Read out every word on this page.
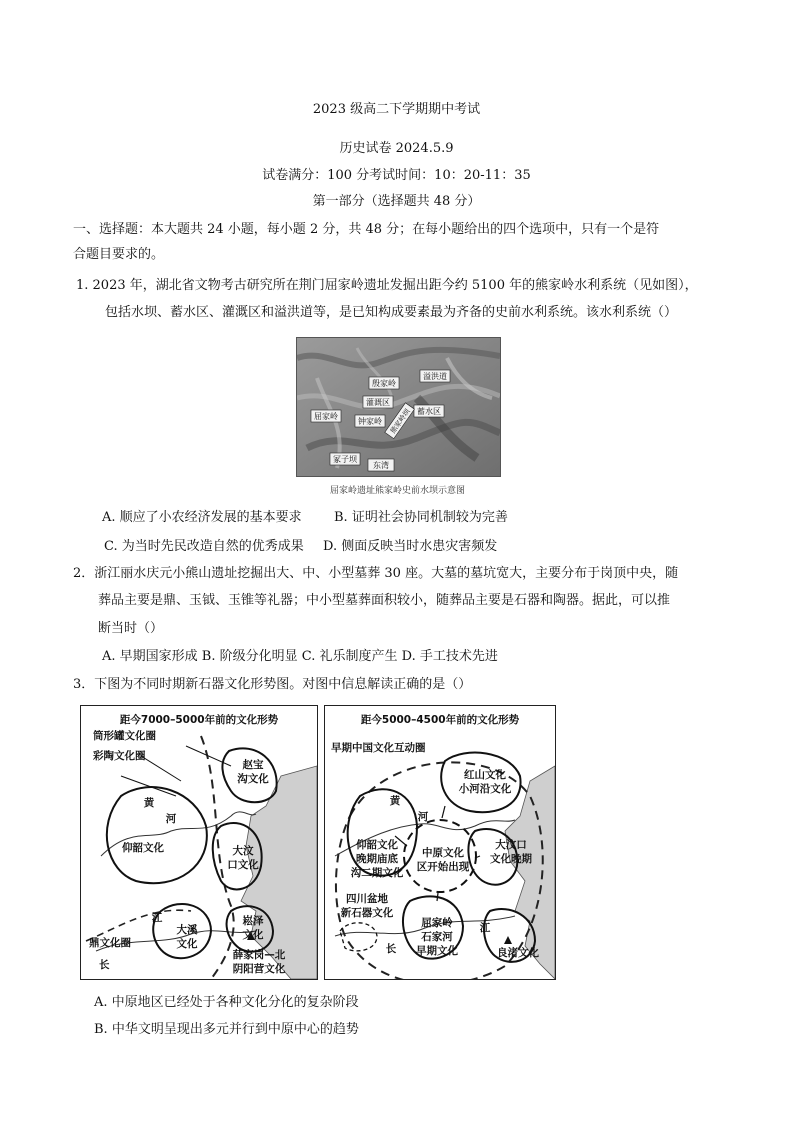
2023 级高二下学期期中考试
历史试卷 2024.5.9
试卷满分：100 分考试时间：10：20-11：35
第一部分（选择题共 48 分）
一、选择题：本大题共 24 小题，每小题 2 分，共 48 分；在每小题给出的四个选项中，只有一个是符
合题目要求的。
1. 2023 年，湖北省文物考古研究所在荆门屈家岭遗址发掘出距今约 5100 年的熊家岭水利系统（见如图），
包括水坝、蓄水区、灌溉区和溢洪道等，是已知构成要素最为齐备的史前水利系统。该水利系统（）
溢洪道
殷家岭
灌溉区
蓄水区
屈家岭
钟家岭 熊家岭坝
冢子坝
东湾
屈家岭遗址熊家岭史前水坝示意图
A. 顺应了小农经济发展的基本要求 B. 证明社会协同机制较为完善
C. 为当时先民改造自然的优秀成果 D. 侧面反映当时水患灾害频发
2．浙江丽水庆元小熊山遗址挖掘出大、中、小型墓葬 30 座。大墓的墓坑宽大，主要分布于岗顶中央，随
葬品主要是鼎、玉钺、玉锥等礼器；中小型墓葬面积较小，随葬品主要是石器和陶器。据此，可以推
断当时（）
A. 早期国家形成 B. 阶级分化明显 C. 礼乐制度产生 D. 手工技术先进
3．下图为不同时期新石器文化形势图。对图中信息解读正确的是（）
距今7000–5000年前的文化形势
筒形罐文化圈
彩陶文化圈
赵宝
沟文化
黄
河
仰韶文化	大汶
口文化
江
大溪
文化
崧泽
文化
鼎文化圈
长
薛家岗—北
阴阳营文化
距今5000–4500年前的文化形势
早期中国文化互动圈
红山文化
小河沿文化
黄
河
仰韶文化
晚期庙底
沟二期文化
中原文化
区开始出现
大汶口
文化晚期
四川盆地
新石器文化
屈家岭
石家河
早期文化
江
长	良渚文化
A. 中原地区已经处于各种文化分化的复杂阶段
B. 中华文明呈现出多元并行到中原中心的趋势
